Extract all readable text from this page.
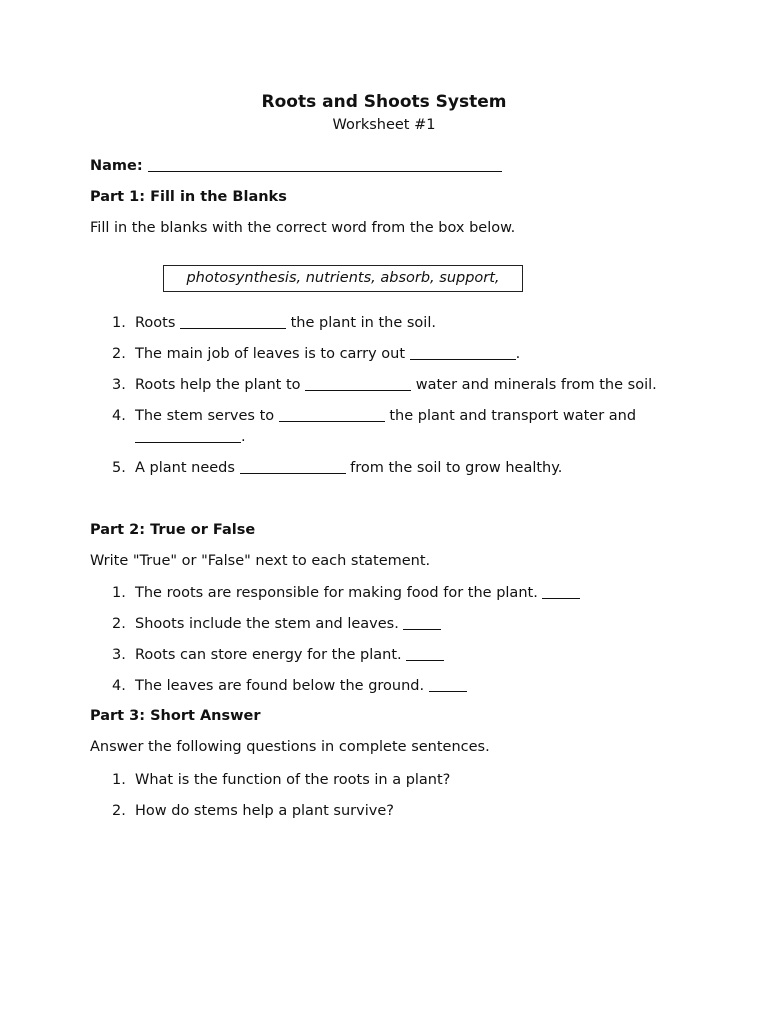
Roots and Shoots System
Worksheet #1
Name:
Part 1: Fill in the Blanks
Fill in the blanks with the correct word from the box below.
photosynthesis, nutrients, absorb, support,
1. Roots	the plant in the soil.
2. The main job of leaves is to carry out	.
3. Roots help the plant to	water and minerals from the soil.
4. The stem serves to	the plant and transport water and
.
5. A plant needs	from the soil to grow healthy.
Part 2: True or False
Write "True" or "False" next to each statement.
1. The roots are responsible for making food for the plant.
2. Shoots include the stem and leaves.
3. Roots can store energy for the plant.
4. The leaves are found below the ground.
Part 3: Short Answer
Answer the following questions in complete sentences.
1. What is the function of the roots in a plant?
2. How do stems help a plant survive?
